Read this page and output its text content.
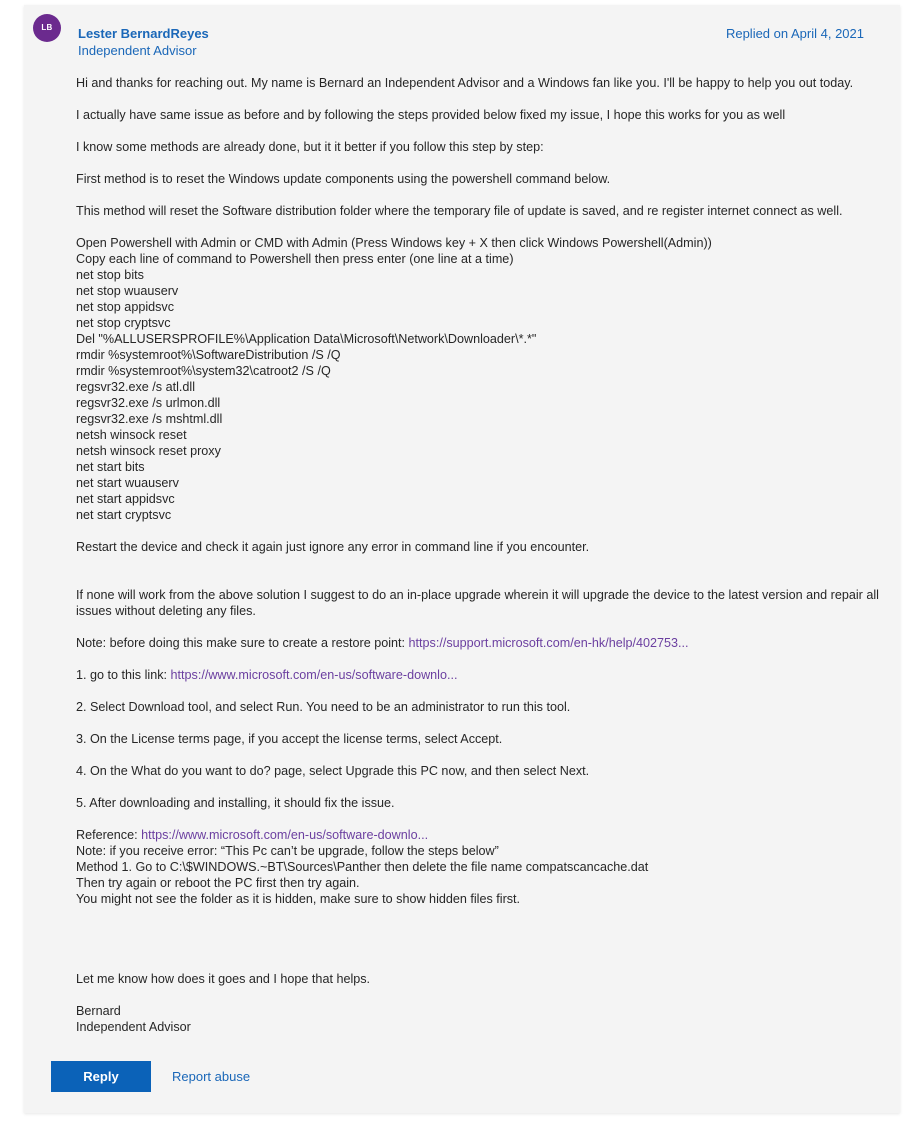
LB	Lester BernardReyes
Independent Advisor
Replied on April 4, 2021

Hi and thanks for reaching out. My name is Bernard an Independent Advisor and a Windows fan like you. I'll be happy to help you out today.

I actually have same issue as before and by following the steps provided below fixed my issue, I hope this works for you as well

I know some methods are already done, but it it better if you follow this step by step:

First method is to reset the Windows update components using the powershell command below.

This method will reset the Software distribution folder where the temporary file of update is saved, and re register internet connect as well.

Open Powershell with Admin or CMD with Admin (Press Windows key + X then click Windows Powershell(Admin))
Copy each line of command to Powershell then press enter (one line at a time)
net stop bits
net stop wuauserv
net stop appidsvc
net stop cryptsvc
Del "%ALLUSERSPROFILE%\Application Data\Microsoft\Network\Downloader\*.*"
rmdir %systemroot%\SoftwareDistribution /S /Q
rmdir %systemroot%\system32\catroot2 /S /Q
regsvr32.exe /s atl.dll
regsvr32.exe /s urlmon.dll
regsvr32.exe /s mshtml.dll
netsh winsock reset
netsh winsock reset proxy
net start bits
net start wuauserv
net start appidsvc
net start cryptsvc

Restart the device and check it again just ignore any error in command line if you encounter.

If none will work from the above solution I suggest to do an in-place upgrade wherein it will upgrade the device to the latest version and repair all issues without deleting any files.

Note: before doing this make sure to create a restore point: https://support.microsoft.com/en-hk/help/402753...

1. go to this link: https://www.microsoft.com/en-us/software-downlo...

2. Select Download tool, and select Run. You need to be an administrator to run this tool.

3. On the License terms page, if you accept the license terms, select Accept.

4. On the What do you want to do? page, select Upgrade this PC now, and then select Next.

5. After downloading and installing, it should fix the issue.

Reference: https://www.microsoft.com/en-us/software-downlo...
Note: if you receive error: “This Pc can’t be upgrade, follow the steps below”
Method 1. Go to C:\$WINDOWS.~BT\Sources\Panther then delete the file name compatscancache.dat
Then try again or reboot the PC first then try again.
You might not see the folder as it is hidden, make sure to show hidden files first.

Let me know how does it goes and I hope that helps.

Bernard
Independent Advisor
Reply	Report abuse
